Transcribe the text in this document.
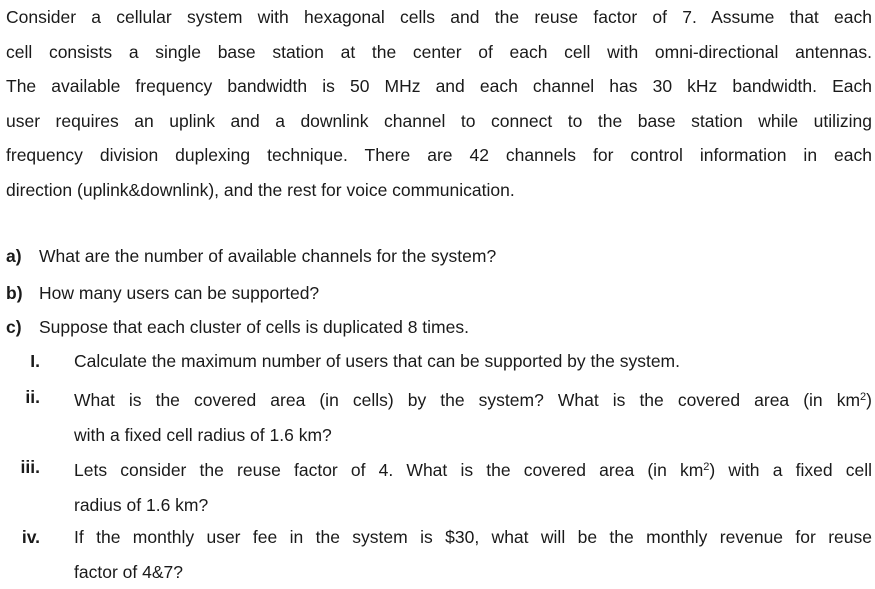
Consider a cellular system with hexagonal cells and the reuse factor of 7. Assume that each

cell consists a single base station at the center of each cell with omni-directional antennas.

The available frequency bandwidth is 50 MHz and each channel has 30 kHz bandwidth. Each

user requires an uplink and a downlink channel to connect to the base station while utilizing

frequency division duplexing technique. There are 42 channels for control information in each

direction (uplink&downlink), and the rest for voice communication.

a) What are the number of available channels for the system?
b) How many users can be supported?
c) Suppose that each cluster of cells is duplicated 8 times.
I. Calculate the maximum number of users that can be supported by the system.

ii. What is the covered area (in cells) by the system? What is the covered area (in $km^2$)

with a fixed cell radius of 1.6 km?

iii. Lets consider the reuse factor of 4. What is the covered area (in $km^2$) with a fixed cell

radius of 1.6 km?

iv. If the monthly user fee in the system is $30, what will be the monthly revenue for reuse

factor of 4&7?
